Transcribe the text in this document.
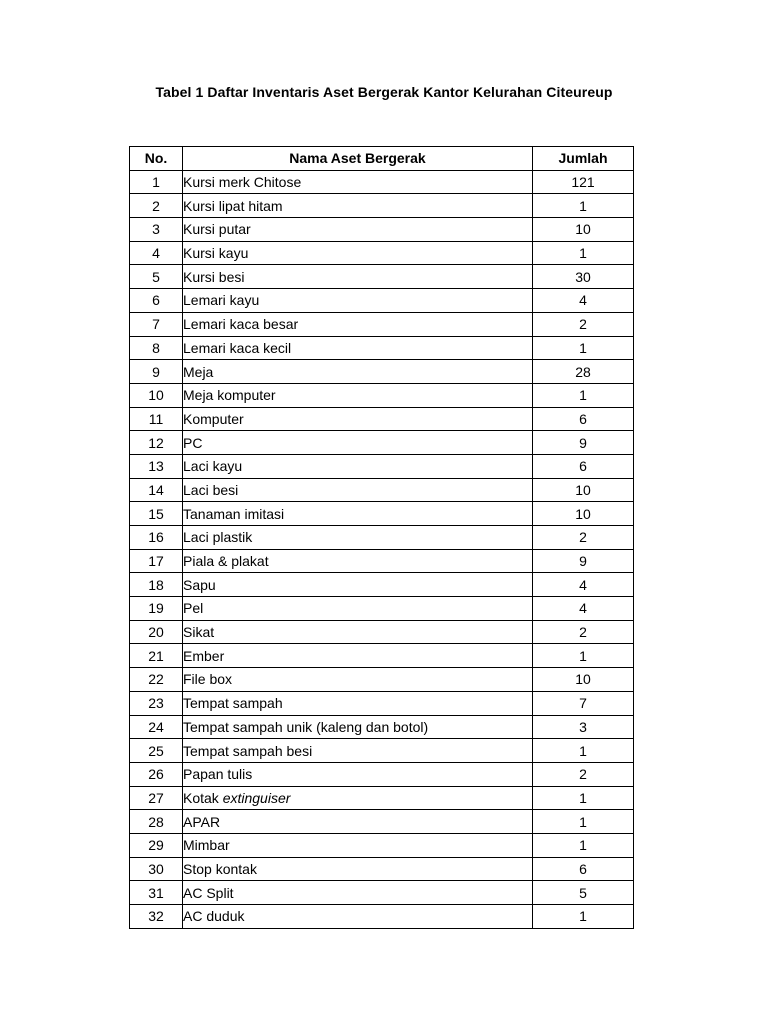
Tabel 1 Daftar Inventaris Aset Bergerak Kantor Kelurahan Citeureup
No.	Nama Aset Bergerak	Jumlah
1	Kursi merk Chitose	121
2	Kursi lipat hitam	1
3	Kursi putar	10
4	Kursi kayu	1
5	Kursi besi	30
6	Lemari kayu	4
7	Lemari kaca besar	2
8	Lemari kaca kecil	1
9	Meja	28
10	Meja komputer	1
11	Komputer	6
12	PC	9
13	Laci kayu	6
14	Laci besi	10
15	Tanaman imitasi	10
16	Laci plastik	2
17	Piala & plakat	9
18	Sapu	4
19	Pel	4
20	Sikat	2
21	Ember	1
22	File box	10
23	Tempat sampah	7
24	Tempat sampah unik (kaleng dan botol)	3
25	Tempat sampah besi	1
26	Papan tulis	2
27	Kotak extinguiser	1
28	APAR	1
29	Mimbar	1
30	Stop kontak	6
31	AC Split	5
32	AC duduk	1
